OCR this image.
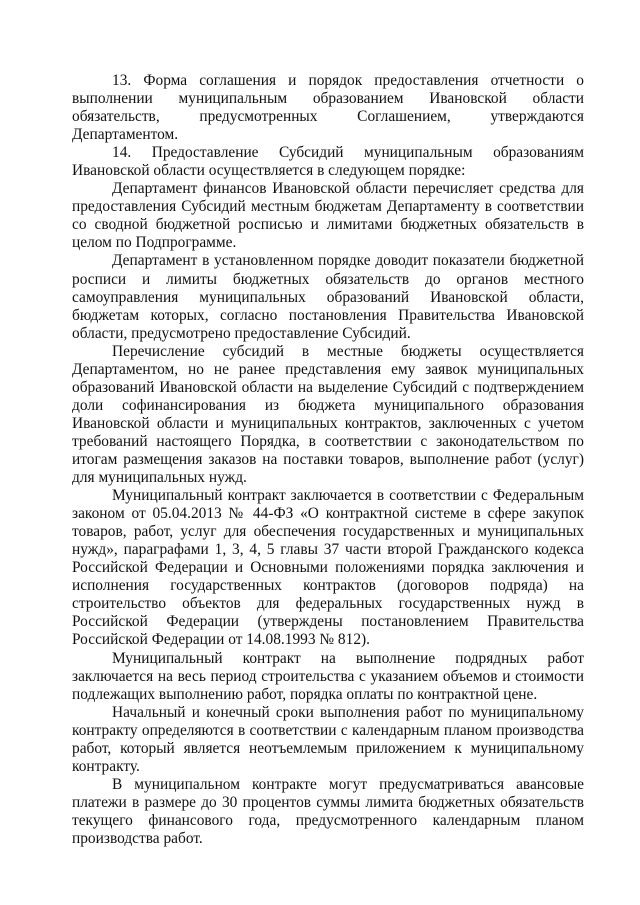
13. Форма соглашения и порядок предоставления отчетности о выполнении муниципальным образованием Ивановской области обязательств, предусмотренных Соглашением, утверждаются Департаментом.

14. Предоставление Субсидий муниципальным образованиям Ивановской области осуществляется в следующем порядке:

Департамент финансов Ивановской области перечисляет средства для предоставления Субсидий местным бюджетам Департаменту в соответствии со сводной бюджетной росписью и лимитами бюджетных обязательств в целом по Подпрограмме.

Департамент в установленном порядке доводит показатели бюджетной росписи и лимиты бюджетных обязательств до органов местного самоуправления муниципальных образований Ивановской области, бюджетам которых, согласно постановления Правительства Ивановской области, предусмотрено предоставление Субсидий.

Перечисление субсидий в местные бюджеты осуществляется Департаментом, но не ранее представления ему заявок муниципальных образований Ивановской области на выделение Субсидий с подтверждением доли софинансирования из бюджета муниципального образования Ивановской области и муниципальных контрактов, заключенных с учетом требований настоящего Порядка, в соответствии с законодательством по итогам размещения заказов на поставки товаров, выполнение работ (услуг) для муниципальных нужд.

Муниципальный контракт заключается в соответствии с Федеральным законом от 05.04.2013 № 44-ФЗ «О контрактной системе в сфере закупок товаров, работ, услуг для обеспечения государственных и муниципальных нужд», параграфами 1, 3, 4, 5 главы 37 части второй Гражданского кодекса Российской Федерации и Основными положениями порядка заключения и исполнения государственных контрактов (договоров подряда) на строительство объектов для федеральных государственных нужд в Российской Федерации (утверждены постановлением Правительства Российской Федерации от 14.08.1993 № 812).

Муниципальный контракт на выполнение подрядных работ заключается на весь период строительства с указанием объемов и стоимости подлежащих выполнению работ, порядка оплаты по контрактной цене.

Начальный и конечный сроки выполнения работ по муниципальному контракту определяются в соответствии с календарным планом производства работ, который является неотъемлемым приложением к муниципальному контракту.

В муниципальном контракте могут предусматриваться авансовые платежи в размере до 30 процентов суммы лимита бюджетных обязательств текущего финансового года, предусмотренного календарным планом производства работ.
